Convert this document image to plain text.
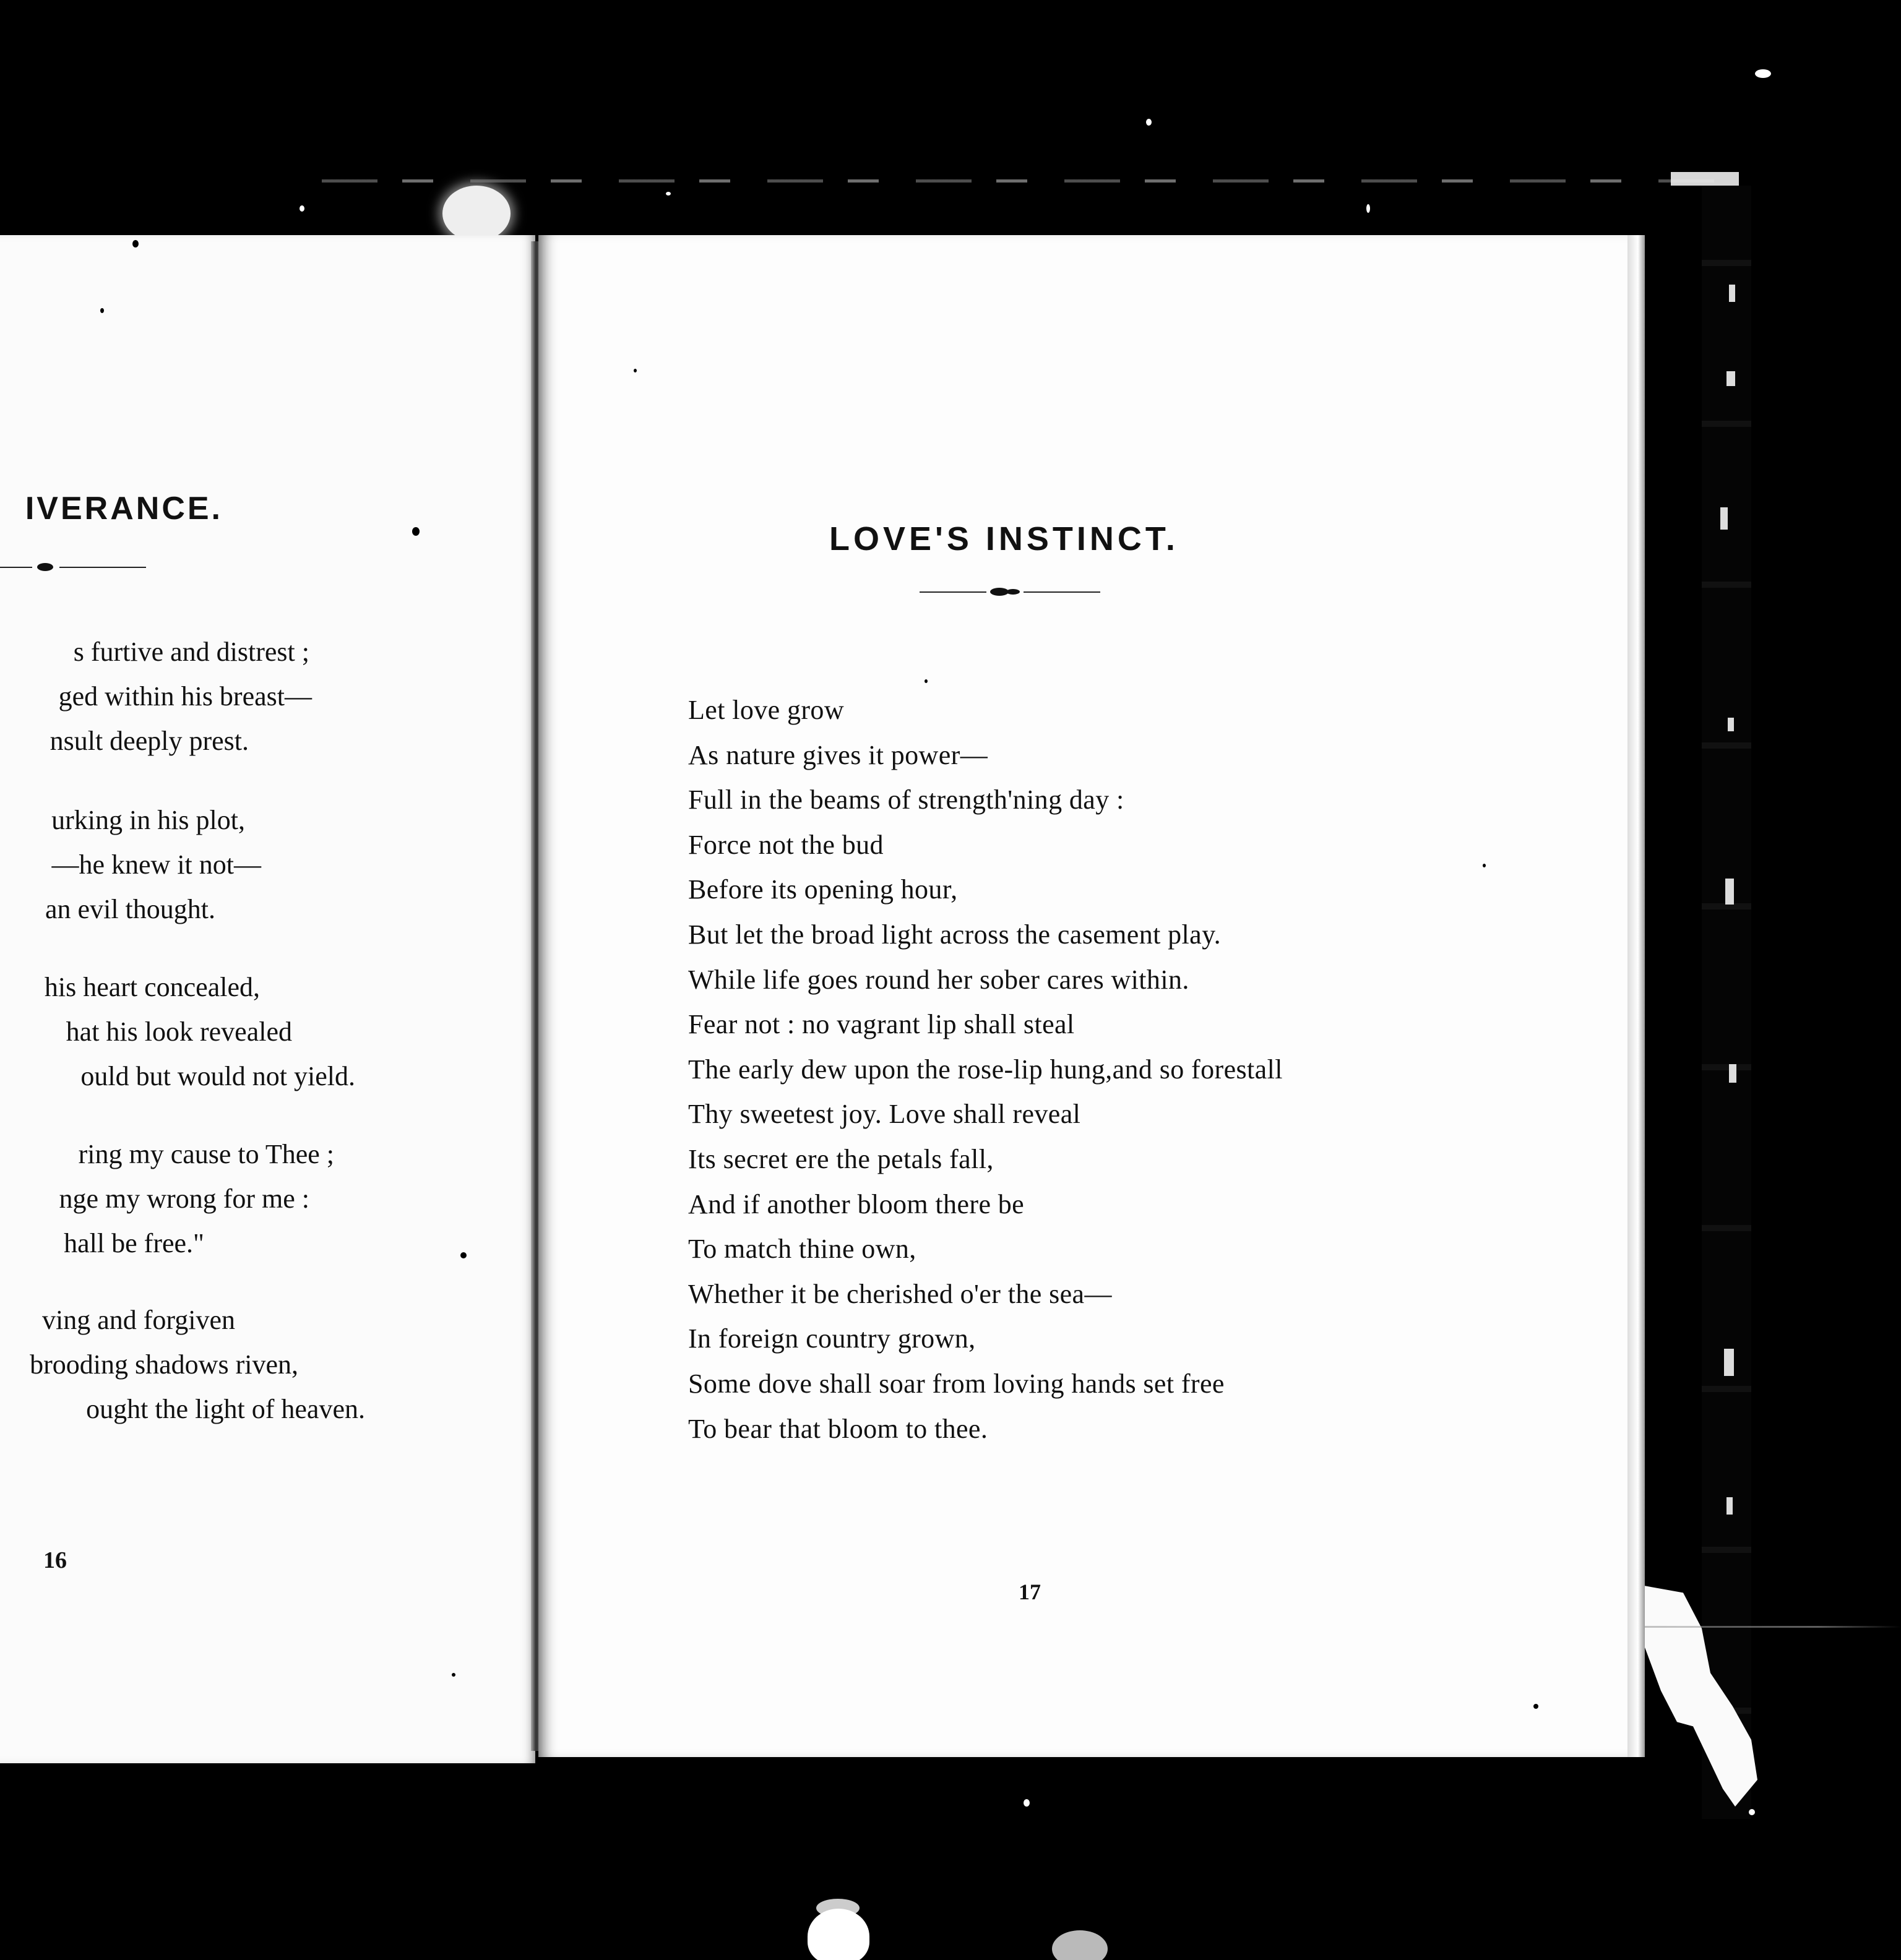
IVERANCE.
s furtive and distrest ;
ged within his breast—
nsult deeply prest.
urking in his plot,
—he knew it not—
an evil thought.
his heart concealed,
hat his look revealed
ould but would not yield.
ring my cause to Thee ;
nge my wrong for me :
hall be free."
ving and forgiven
brooding shadows riven,
ought the light of heaven.
16
LOVE'S INSTINCT.
Let love grow
As nature gives it power—
Full in the beams of strength'ning day :
Force not the bud
Before its opening hour,
But let the broad light across the casement play.
While life goes round her sober cares within.
Fear not : no vagrant lip shall steal
The early dew upon the rose-lip hung,and so forestall
Thy sweetest joy. Love shall reveal
Its secret ere the petals fall,
And if another bloom there be
To match thine own,
Whether it be cherished o'er the sea—
In foreign country grown,
Some dove shall soar from loving hands set free
To bear that bloom to thee.
17
